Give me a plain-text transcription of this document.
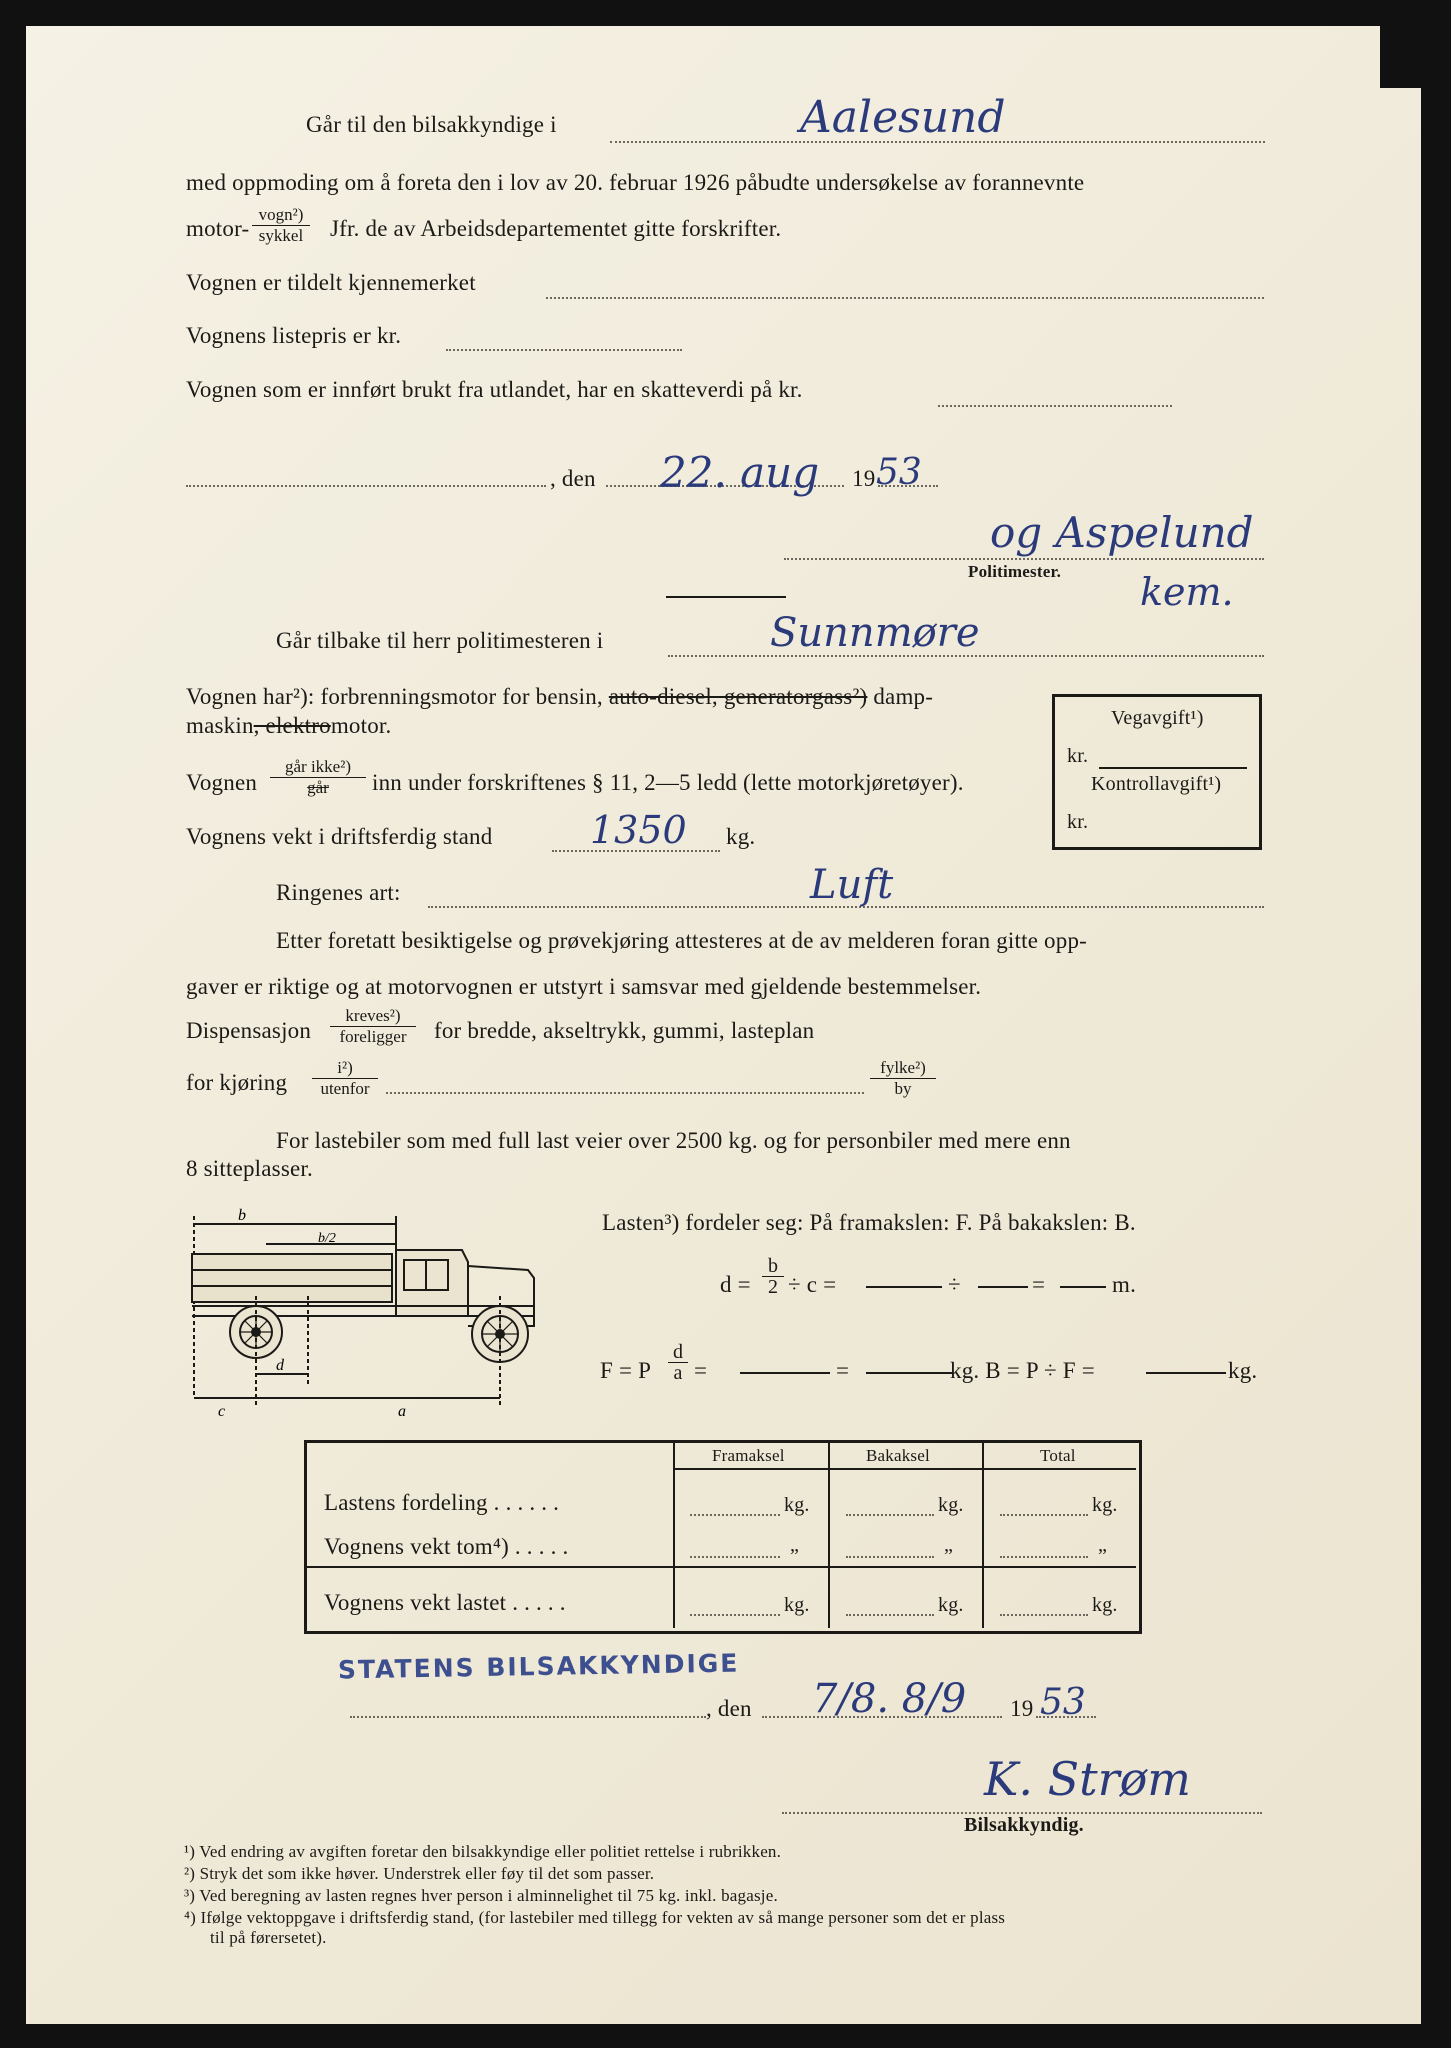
Går til den bilsakkyndige i	Aalesund
med oppmoding om å foreta den i lov av 20. februar 1926 påbudte undersøkelse av forannevnte
motor-
vogn²)
sykkel Jfr. de av Arbeidsdepartementet gitte forskrifter.
Vognen er tildelt kjennemerket
Vognens listepris er kr.
Vognen som er innført brukt fra utlandet, har en skatteverdi på kr.
, den 22. aug 19 53
og Aspelund
kem.
Politimester.
Går tilbake til herr politimesteren i	Sunnmøre
Vognen har²): forbrenningsmotor for bensin, auto-diesel, generatorgass²) damp-
maskin, elektromotor.
Vognen
går ikke²)
går	inn under forskriftenes § 11, 2—5 ledd (lette motorkjøretøyer).
Vognens vekt i driftsferdig stand	1350 kg.
Ringenes art:	Luft
Etter foretatt besiktigelse og prøvekjøring attesteres at de av melderen foran gitte opp-
gaver er riktige og at motorvognen er utstyrt i samsvar med gjeldende bestemmelser.
Dispensasjon
kreves²)
foreligger	for bredde, akseltrykk, gummi, lasteplan
for kjøring
i²)
utenfor
fylke²)
by
For lastebiler som med full last veier over 2500 kg. og for personbiler med mere enn
8 sitteplasser.
Vegavgift¹)
kr.
Kontrollavgift¹)
kr.
b
b/2
d
c	a
Lasten³) fordeler seg: På framakslen: F. På bakakslen: B.
$d = \frac{b}{2} \div c$ =	÷	=	m.
F = P $\frac{d}{a}$ =	=	kg. B = P ÷ F =	kg.
Framaksel	Bakaksel	Total
Lastens fordeling . . . . . .	kg.	kg.	kg.
Vognens vekt tom⁴) . . . . .	„	„	„
Vognens vekt lastet . . . . .	kg.	kg.	kg.
STATENS BILSAKKYNDIGE
, den 7/8. 8/9 19 53
K. Strøm
Bilsakkyndig.
¹) Ved endring av avgiften foretar den bilsakkyndige eller politiet rettelse i rubrikken.
²) Stryk det som ikke høver. Understrek eller føy til det som passer.
³) Ved beregning av lasten regnes hver person i alminnelighet til 75 kg. inkl. bagasje.
⁴) Ifølge vektoppgave i driftsferdig stand, (for lastebiler med tillegg for vekten av så mange personer som det er plass
til på førersetet).
